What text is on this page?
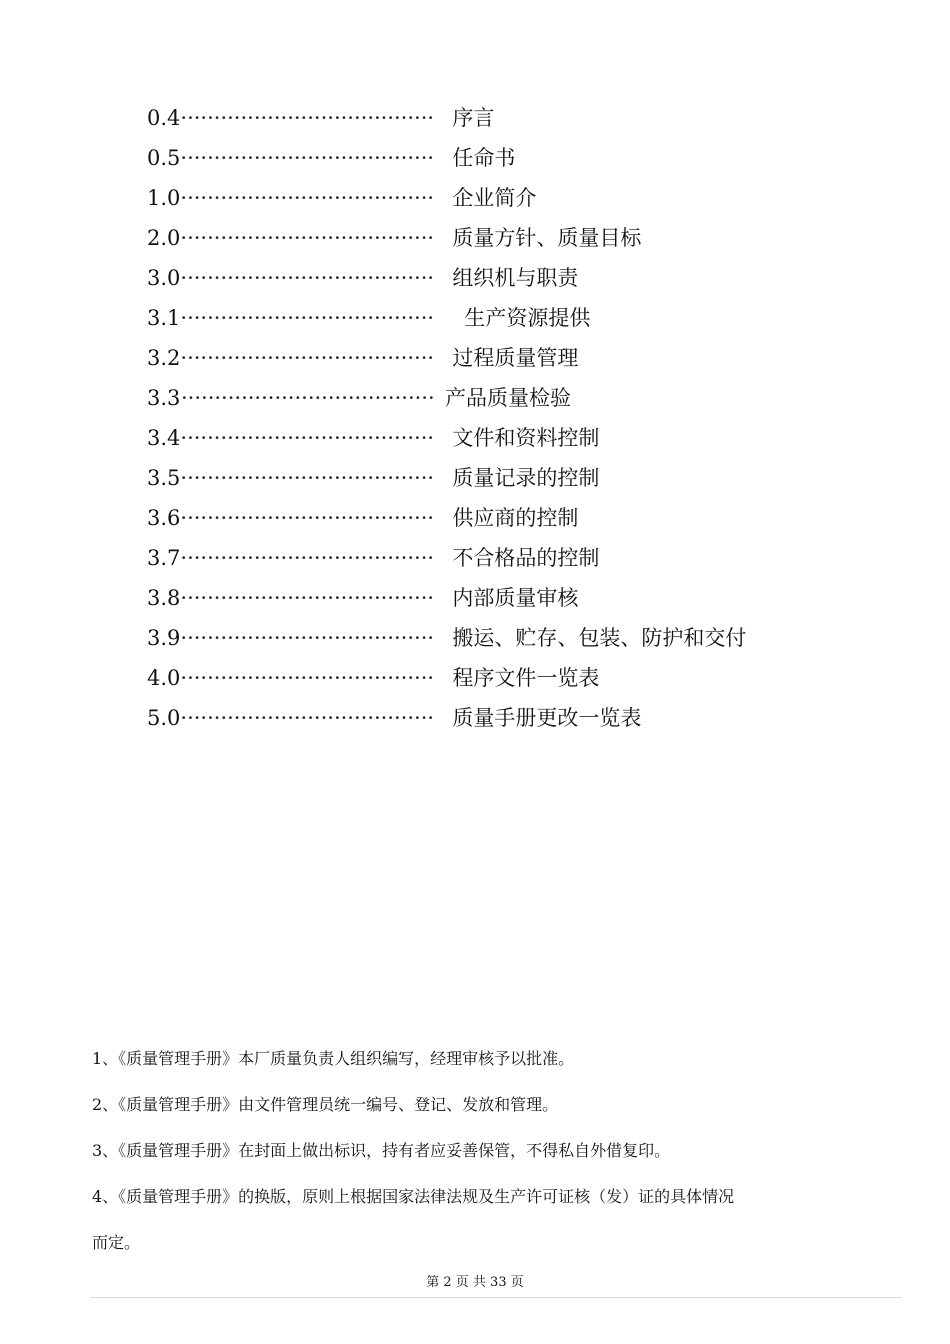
0.4 ······································ 序言
0.5 ······································ 任命书
1.0 ······································ 企业简介
2.0 ······································ 质量方针、质量目标
3.0 ······································ 组织机与职责
3.1 ······································	生产资源提供
3.2 ······································ 过程质量管理
3.3 ······································ 产品质量检验
3.4 ······································ 文件和资料控制
3.5 ······································ 质量记录的控制
3.6 ······································ 供应商的控制
3.7 ······································ 不合格品的控制
3.8 ······································ 内部质量审核
3.9 ······································ 搬运、贮存、包装、防护和交付
4.0 ······································ 程序文件一览表
5.0 ······································ 质量手册更改一览表

1、《质量管理手册》本厂质量负责人组织编写，经理审核予以批准。

2、《质量管理手册》由文件管理员统一编号、登记、发放和管理。

3、《质量管理手册》在封面上做出标识，持有者应妥善保管，不得私自外借复印。

4、《质量管理手册》的换版，原则上根据国家法律法规及生产许可证核（发）证的具体情况

而定。

第 2 页 共 33 页
